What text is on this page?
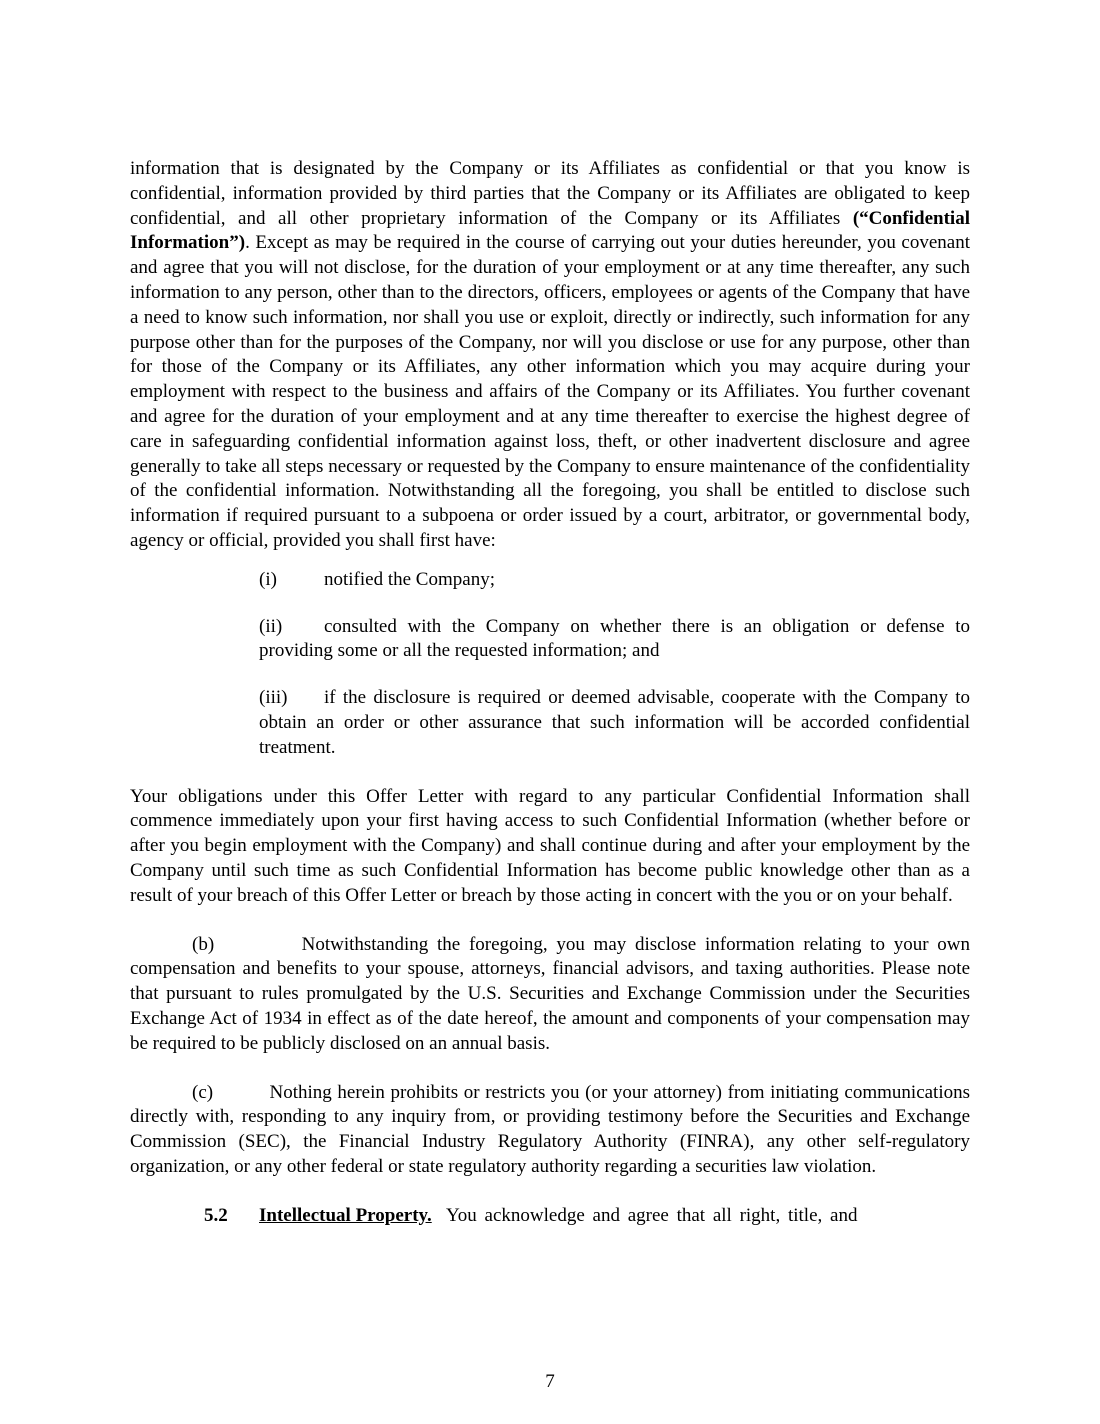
information that is designated by the Company or its Affiliates as confidential or that you know is confidential, information provided by third parties that the Company or its Affiliates are obligated to keep confidential, and all other proprietary information of the Company or its Affiliates (“Confidential Information”). Except as may be required in the course of carrying out your duties hereunder, you covenant and agree that you will not disclose, for the duration of your employment or at any time thereafter, any such information to any person, other than to the directors, officers, employees or agents of the Company that have a need to know such information, nor shall you use or exploit, directly or indirectly, such information for any purpose other than for the purposes of the Company, nor will you disclose or use for any purpose, other than for those of the Company or its Affiliates, any other information which you may acquire during your employment with respect to the business and affairs of the Company or its Affiliates. You further covenant and agree for the duration of your employment and at any time thereafter to exercise the highest degree of care in safeguarding confidential information against loss, theft, or other inadvertent disclosure and agree generally to take all steps necessary or requested by the Company to ensure maintenance of the confidentiality of the confidential information. Notwithstanding all the foregoing, you shall be entitled to disclose such information if required pursuant to a subpoena or order issued by a court, arbitrator, or governmental body, agency or official, provided you shall first have:

(i) notified the Company;
(ii) consulted with the Company on whether there is an obligation or defense to providing some or all the requested information; and
(iii) if the disclosure is required or deemed advisable, cooperate with the Company to obtain an order or other assurance that such information will be accorded confidential treatment.

Your obligations under this Offer Letter with regard to any particular Confidential Information shall commence immediately upon your first having access to such Confidential Information (whether before or after you begin employment with the Company) and shall continue during and after your employment by the Company until such time as such Confidential Information has become public knowledge other than as a result of your breach of this Offer Letter or breach by those acting in concert with the you or on your behalf.

(b)	Notwithstanding the foregoing, you may disclose information relating to your own compensation and benefits to your spouse, attorneys, financial advisors, and taxing authorities. Please note that pursuant to rules promulgated by the U.S. Securities and Exchange Commission under the Securities Exchange Act of 1934 in effect as of the date hereof, the amount and components of your compensation may be required to be publicly disclosed on an annual basis.

(c)	Nothing herein prohibits or restricts you (or your attorney) from initiating communications directly with, responding to any inquiry from, or providing testimony before the Securities and Exchange Commission (SEC), the Financial Industry Regulatory Authority (FINRA), any other self-regulatory organization, or any other federal or state regulatory authority regarding a securities law violation.

5.2 Intellectual Property. You acknowledge and agree that all right, title, and
7
